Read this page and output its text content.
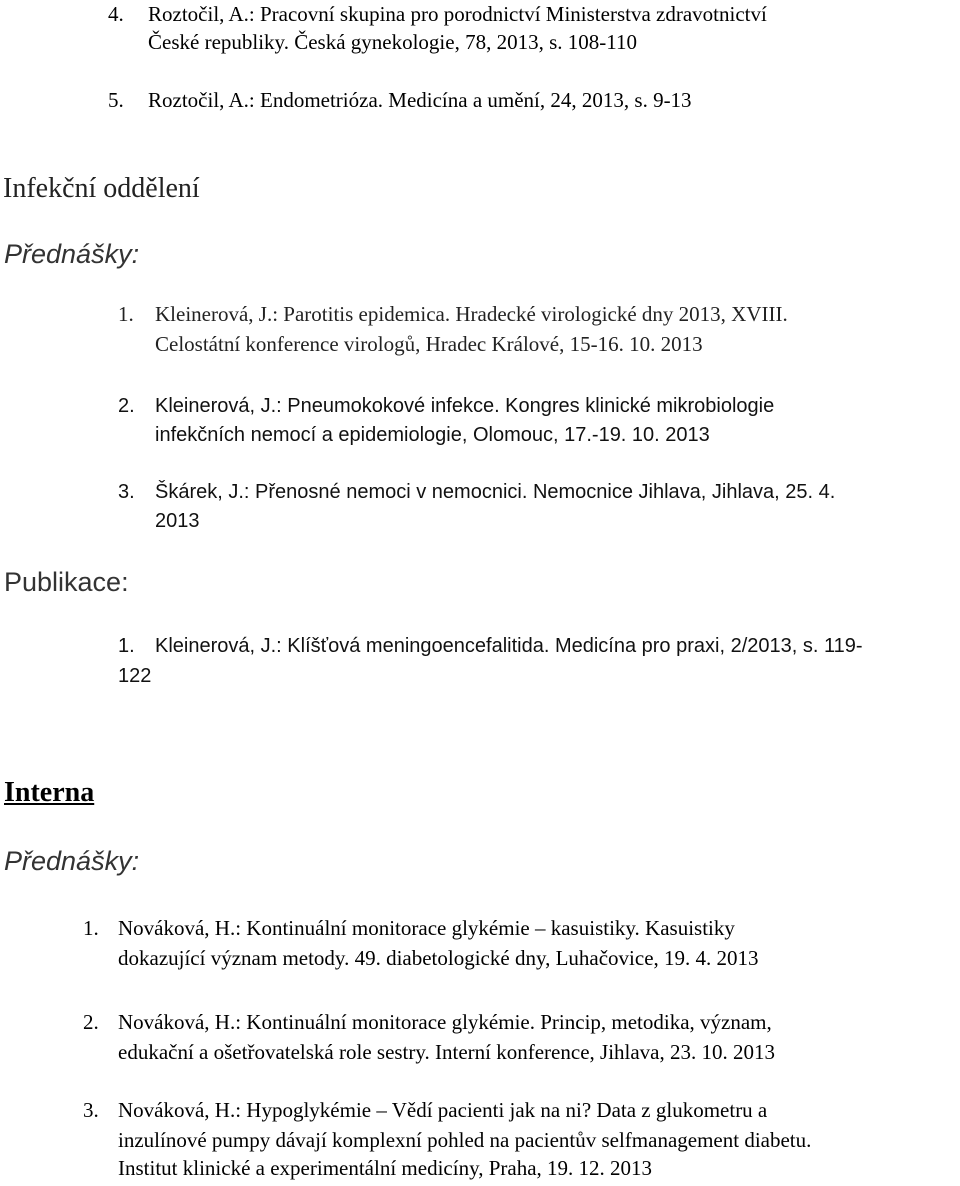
4. Roztočil, A.: Pracovní skupina pro porodnictví Ministerstva zdravotnictví
České republiky. Česká gynekologie, 78, 2013, s. 108-110
5. Roztočil, A.: Endometrióza. Medicína a umění, 24, 2013, s. 9-13
Infekční oddělení
Přednášky:
1. Kleinerová, J.: Parotitis epidemica. Hradecké virologické dny 2013, XVIII.
Celostátní konference virologů, Hradec Králové, 15-16. 10. 2013
2. Kleinerová, J.: Pneumokokové infekce. Kongres klinické mikrobiologie
infekčních nemocí a epidemiologie, Olomouc, 17.-19. 10. 2013
3. Škárek, J.: Přenosné nemoci v nemocnici. Nemocnice Jihlava, Jihlava, 25. 4.
2013
Publikace:
1. Kleinerová, J.: Klíšťová meningoencefalitida. Medicína pro praxi, 2/2013, s. 119-
122
Interna
Přednášky:
1. Nováková, H.: Kontinuální monitorace glykémie – kasuistiky. Kasuistiky
dokazující význam metody. 49. diabetologické dny, Luhačovice, 19. 4. 2013
2. Nováková, H.: Kontinuální monitorace glykémie. Princip, metodika, význam,
edukační a ošetřovatelská role sestry. Interní konference, Jihlava, 23. 10. 2013
3. Nováková, H.: Hypoglykémie – Vědí pacienti jak na ni? Data z glukometru a
inzulínové pumpy dávají komplexní pohled na pacientův selfmanagement diabetu.
Institut klinické a experimentální medicíny, Praha, 19. 12. 2013
